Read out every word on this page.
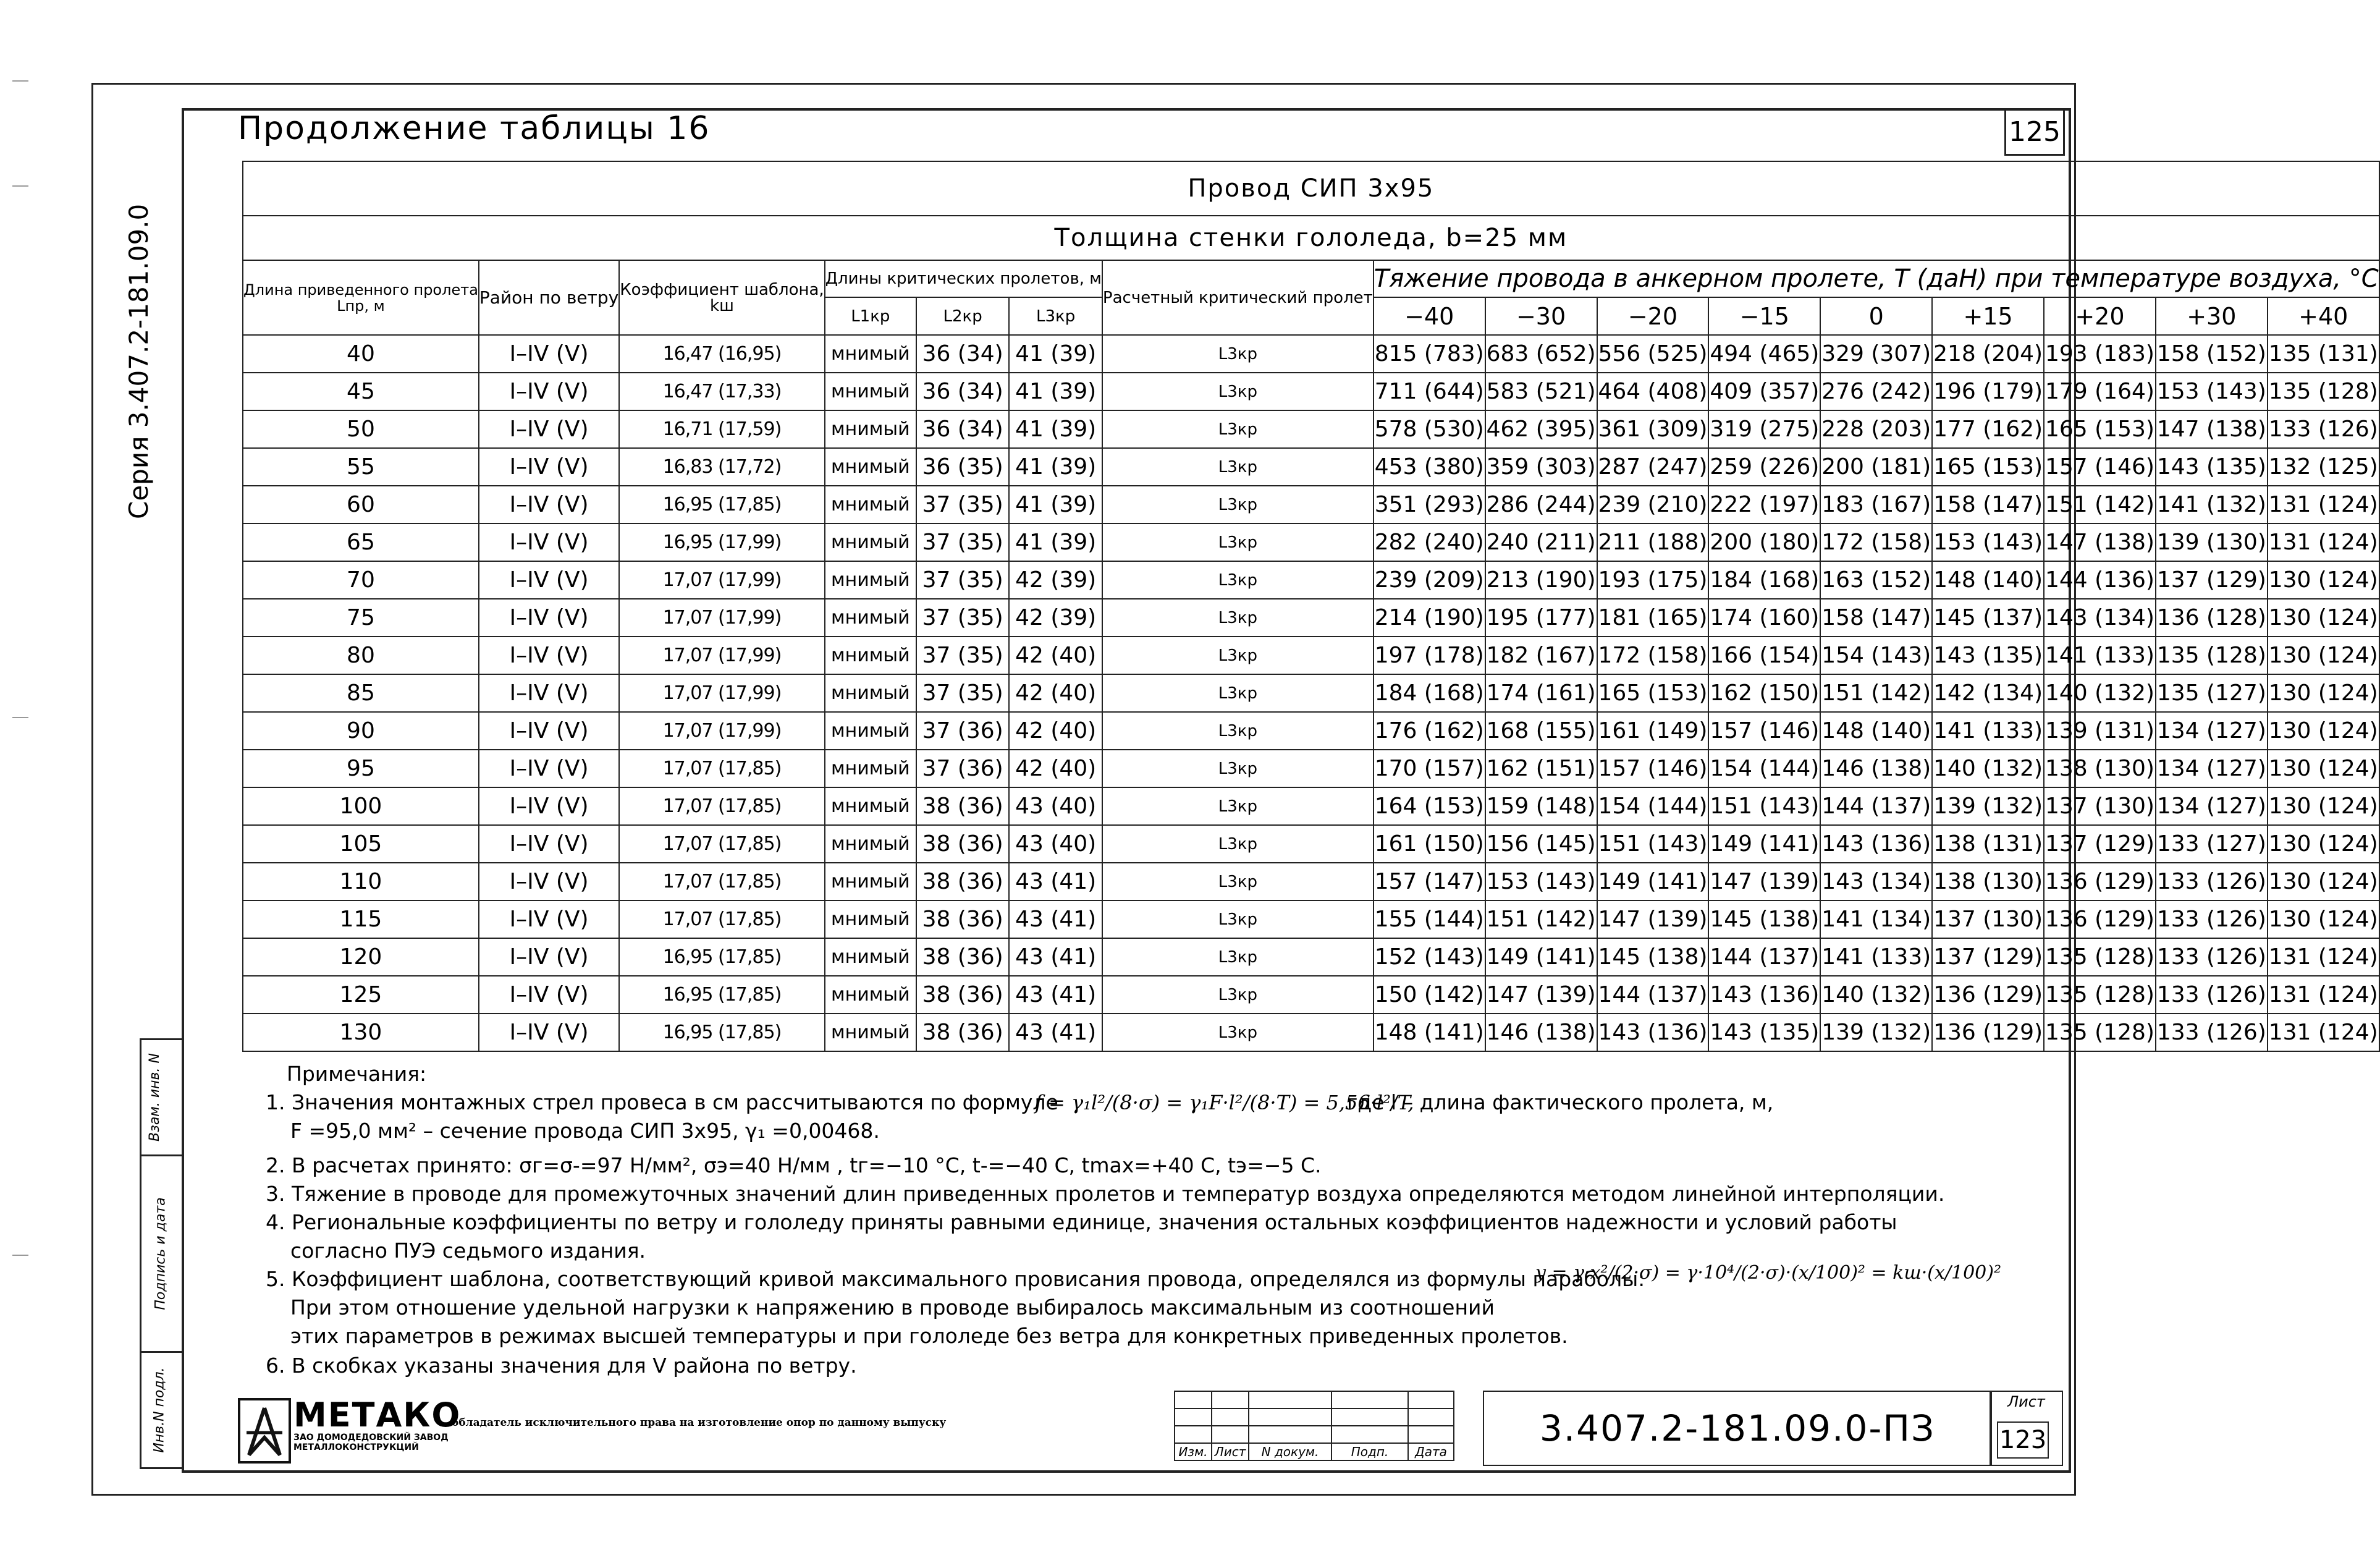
Серия 3.407.2-181.09.0
Взам. инв. N
Подпись и дата
Инв.N подл.
Продолжение таблицы 16	125
Провод СИП 3х95															
Толщина стенки гололеда, b=25 мм															
Длина приведенного пролета
Lпр, м	Район по ветру	Коэффициент шаблона,
kш	Длины критических пролетов, м			Расчетный критический пролет	Тяжение провода в анкерном пролете, Т (даН) при температуре воздуха, °С								
			L1кр	L2кр	L3кр		−40	−30	−20	−15	0	+15	+20	+30	+40
40	I–IV (V)	16,47 (16,95)	мнимый	36 (34)	41 (39)	L3кр	815 (783)	683 (652)	556 (525)	494 (465)	329 (307)	218 (204)	193 (183)	158 (152)	135 (131)
45	I–IV (V)	16,47 (17,33)	мнимый	36 (34)	41 (39)	L3кр	711 (644)	583 (521)	464 (408)	409 (357)	276 (242)	196 (179)	179 (164)	153 (143)	135 (128)
50	I–IV (V)	16,71 (17,59)	мнимый	36 (34)	41 (39)	L3кр	578 (530)	462 (395)	361 (309)	319 (275)	228 (203)	177 (162)	165 (153)	147 (138)	133 (126)
55	I–IV (V)	16,83 (17,72)	мнимый	36 (35)	41 (39)	L3кр	453 (380)	359 (303)	287 (247)	259 (226)	200 (181)	165 (153)	157 (146)	143 (135)	132 (125)
60	I–IV (V)	16,95 (17,85)	мнимый	37 (35)	41 (39)	L3кр	351 (293)	286 (244)	239 (210)	222 (197)	183 (167)	158 (147)	151 (142)	141 (132)	131 (124)
65	I–IV (V)	16,95 (17,99)	мнимый	37 (35)	41 (39)	L3кр	282 (240)	240 (211)	211 (188)	200 (180)	172 (158)	153 (143)	147 (138)	139 (130)	131 (124)
70	I–IV (V)	17,07 (17,99)	мнимый	37 (35)	42 (39)	L3кр	239 (209)	213 (190)	193 (175)	184 (168)	163 (152)	148 (140)	144 (136)	137 (129)	130 (124)
75	I–IV (V)	17,07 (17,99)	мнимый	37 (35)	42 (39)	L3кр	214 (190)	195 (177)	181 (165)	174 (160)	158 (147)	145 (137)	143 (134)	136 (128)	130 (124)
80	I–IV (V)	17,07 (17,99)	мнимый	37 (35)	42 (40)	L3кр	197 (178)	182 (167)	172 (158)	166 (154)	154 (143)	143 (135)	141 (133)	135 (128)	130 (124)
85	I–IV (V)	17,07 (17,99)	мнимый	37 (35)	42 (40)	L3кр	184 (168)	174 (161)	165 (153)	162 (150)	151 (142)	142 (134)	140 (132)	135 (127)	130 (124)
90	I–IV (V)	17,07 (17,99)	мнимый	37 (36)	42 (40)	L3кр	176 (162)	168 (155)	161 (149)	157 (146)	148 (140)	141 (133)	139 (131)	134 (127)	130 (124)
95	I–IV (V)	17,07 (17,85)	мнимый	37 (36)	42 (40)	L3кр	170 (157)	162 (151)	157 (146)	154 (144)	146 (138)	140 (132)	138 (130)	134 (127)	130 (124)
100	I–IV (V)	17,07 (17,85)	мнимый	38 (36)	43 (40)	L3кр	164 (153)	159 (148)	154 (144)	151 (143)	144 (137)	139 (132)	137 (130)	134 (127)	130 (124)
105	I–IV (V)	17,07 (17,85)	мнимый	38 (36)	43 (40)	L3кр	161 (150)	156 (145)	151 (143)	149 (141)	143 (136)	138 (131)	137 (129)	133 (127)	130 (124)
110	I–IV (V)	17,07 (17,85)	мнимый	38 (36)	43 (41)	L3кр	157 (147)	153 (143)	149 (141)	147 (139)	143 (134)	138 (130)	136 (129)	133 (126)	130 (124)
115	I–IV (V)	17,07 (17,85)	мнимый	38 (36)	43 (41)	L3кр	155 (144)	151 (142)	147 (139)	145 (138)	141 (134)	137 (130)	136 (129)	133 (126)	130 (124)
120	I–IV (V)	16,95 (17,85)	мнимый	38 (36)	43 (41)	L3кр	152 (143)	149 (141)	145 (138)	144 (137)	141 (133)	137 (129)	135 (128)	133 (126)	131 (124)
125	I–IV (V)	16,95 (17,85)	мнимый	38 (36)	43 (41)	L3кр	150 (142)	147 (139)	144 (137)	143 (136)	140 (132)	136 (129)	135 (128)	133 (126)	131 (124)
130	I–IV (V)	16,95 (17,85)	мнимый	38 (36)	43 (41)	L3кр	148 (141)	146 (138)	143 (136)	143 (135)	139 (132)	136 (129)	135 (128)	133 (126)	131 (124)
Примечания:
1. Значения монтажных стрел провеса в см рассчитываются по формуле
f = γ₁l²/(8·σ) = γ₁F·l²/(8·T) = 5,56·l²/T,
где l – длина фактического пролета, м,
F =95,0 мм² – сечение провода СИП 3х95, γ₁ =0,00468.
2. В расчетах принято: σг=σ-=97 Н/мм², σэ=40 Н/мм , tг=−10 °С, t-=−40 С, tmax=+40 С, tэ=−5 С.
3. Тяжение в проводе для промежуточных значений длин приведенных пролетов и температур воздуха определяются методом линейной интерполяции.
4. Региональные коэффициенты по ветру и гололеду приняты равными единице, значения остальных коэффициентов надежности и условий работы
согласно ПУЭ седьмого издания.
5. Коэффициент шаблона, соответствующий кривой максимального провисания провода, определялся из формулы параболы:
y = γ·x²/(2·σ) = γ·10⁴/(2·σ)·(x/100)² = kш·(x/100)²
При этом отношение удельной нагрузки к напряжению в проводе выбиралось максимальным из соотношений
этих параметров в режимах высшей температуры и при гололеде без ветра для конкретных приведенных пролетов.
6. В скобках указаны значения для V района по ветру.
МЕТАКО
ЗАО ДОМОДЕДОВСКИЙ ЗАВОД
МЕТАЛЛОКОНСТРУКЦИЙ
- обладатель исключительного права на изготовление опор по данному выпуску

Изм.	Лист	N докум.	Подп.	Дата
3.407.2-181.09.0-ПЗ
Лист
123
